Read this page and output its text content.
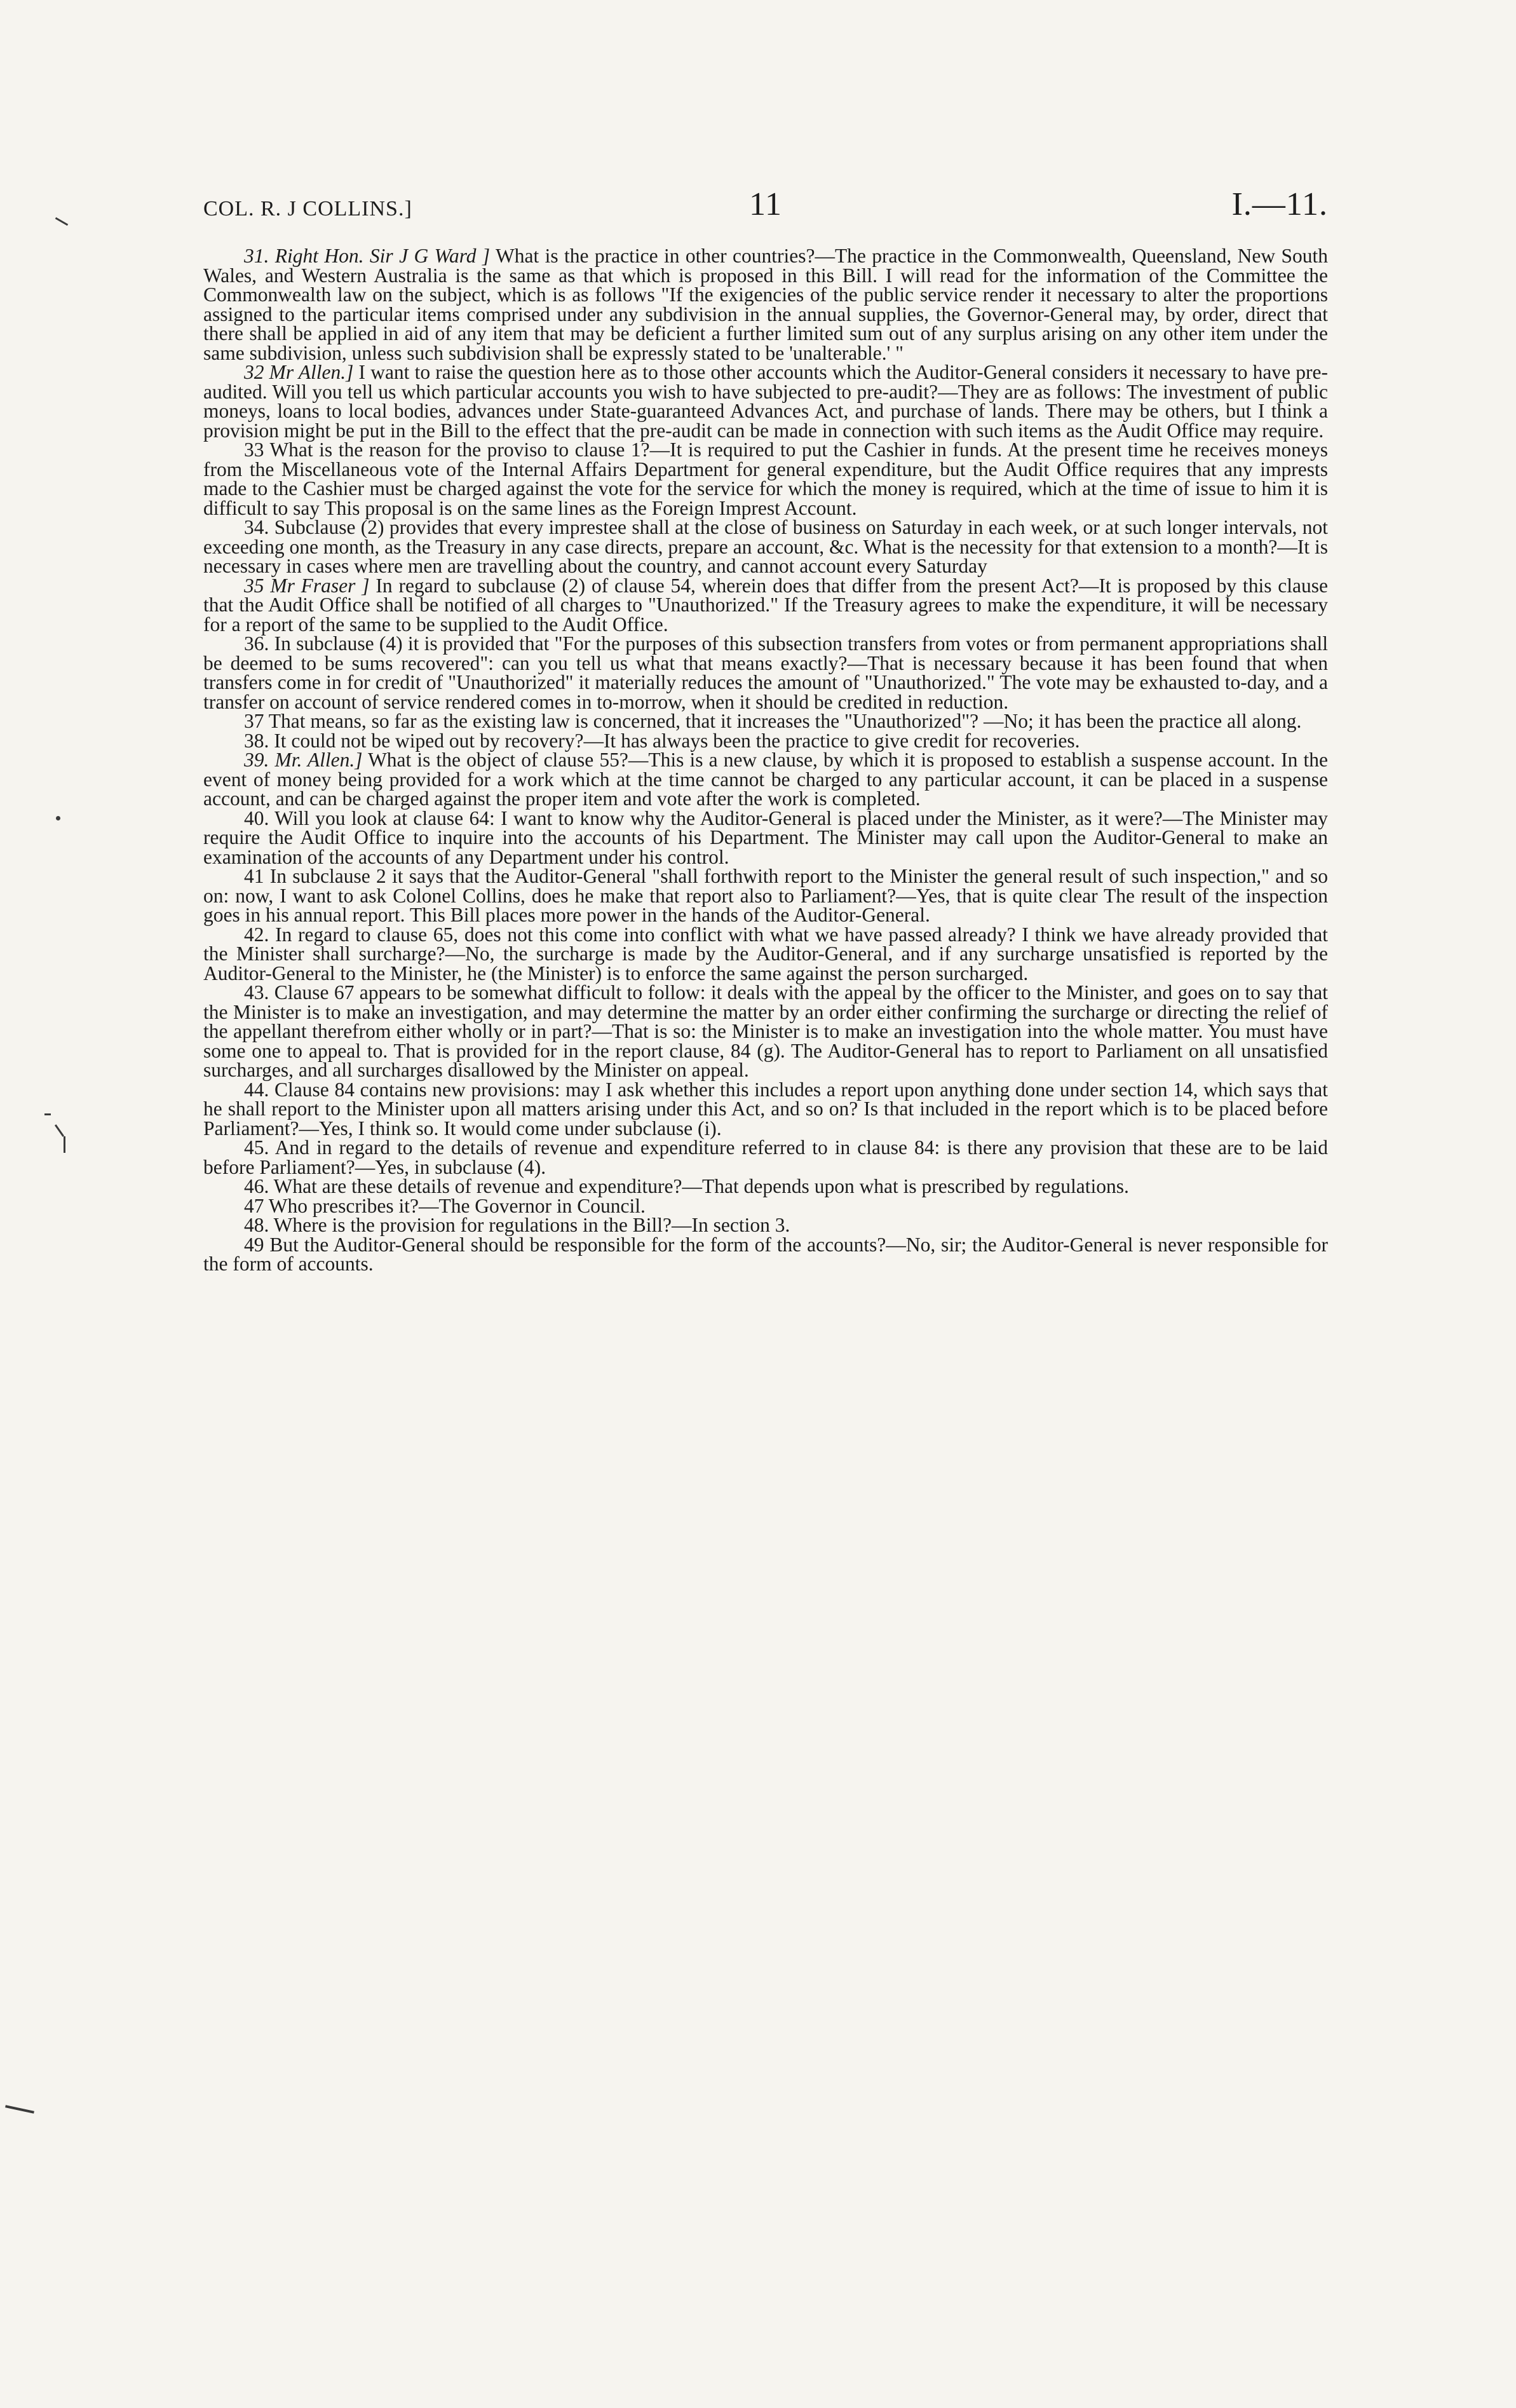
COL. R. J COLLINS.]	11	I.—11.

31. Right Hon. Sir J G Ward ] What is the practice in other countries?—The practice in the Commonwealth, Queensland, New South Wales, and Western Australia is the same as that which is proposed in this Bill. I will read for the information of the Committee the Commonwealth law on the subject, which is as follows "If the exigencies of the public service render it necessary to alter the proportions assigned to the particular items comprised under any subdivision in the annual supplies, the Governor-General may, by order, direct that there shall be applied in aid of any item that may be deficient a further limited sum out of any surplus arising on any other item under the same subdivision, unless such subdivision shall be expressly stated to be 'unalterable.' "

32 Mr Allen.] I want to raise the question here as to those other accounts which the Auditor-General considers it necessary to have pre-audited. Will you tell us which particular accounts you wish to have subjected to pre-audit?—They are as follows: The investment of public moneys, loans to local bodies, advances under State-guaranteed Advances Act, and purchase of lands. There may be others, but I think a provision might be put in the Bill to the effect that the pre-audit can be made in connection with such items as the Audit Office may require.

33 What is the reason for the proviso to clause 1?—It is required to put the Cashier in funds. At the present time he receives moneys from the Miscellaneous vote of the Internal Affairs Department for general expenditure, but the Audit Office requires that any imprests made to the Cashier must be charged against the vote for the service for which the money is required, which at the time of issue to him it is difficult to say This proposal is on the same lines as the Foreign Imprest Account.

34. Subclause (2) provides that every imprestee shall at the close of business on Saturday in each week, or at such longer intervals, not exceeding one month, as the Treasury in any case directs, prepare an account, &c. What is the necessity for that extension to a month?—It is necessary in cases where men are travelling about the country, and cannot account every Saturday

35 Mr Fraser ] In regard to subclause (2) of clause 54, wherein does that differ from the present Act?—It is proposed by this clause that the Audit Office shall be notified of all charges to "Unauthorized." If the Treasury agrees to make the expenditure, it will be necessary for a report of the same to be supplied to the Audit Office.

36. In subclause (4) it is provided that "For the purposes of this subsection transfers from votes or from permanent appropriations shall be deemed to be sums recovered": can you tell us what that means exactly?—That is necessary because it has been found that when transfers come in for credit of "Unauthorized" it materially reduces the amount of "Unauthorized." The vote may be exhausted to-day, and a transfer on account of service rendered comes in to-morrow, when it should be credited in reduction.

37 That means, so far as the existing law is concerned, that it increases the "Unauthorized"? —No; it has been the practice all along.

38. It could not be wiped out by recovery?—It has always been the practice to give credit for recoveries.

39. Mr. Allen.] What is the object of clause 55?—This is a new clause, by which it is proposed to establish a suspense account. In the event of money being provided for a work which at the time cannot be charged to any particular account, it can be placed in a suspense account, and can be charged against the proper item and vote after the work is completed.

40. Will you look at clause 64: I want to know why the Auditor-General is placed under the Minister, as it were?—The Minister may require the Audit Office to inquire into the accounts of his Department. The Minister may call upon the Auditor-General to make an examination of the accounts of any Department under his control.

41 In subclause 2 it says that the Auditor-General "shall forthwith report to the Minister the general result of such inspection," and so on: now, I want to ask Colonel Collins, does he make that report also to Parliament?—Yes, that is quite clear The result of the inspection goes in his annual report. This Bill places more power in the hands of the Auditor-General.

42. In regard to clause 65, does not this come into conflict with what we have passed already? I think we have already provided that the Minister shall surcharge?—No, the surcharge is made by the Auditor-General, and if any surcharge unsatisfied is reported by the Auditor-General to the Minister, he (the Minister) is to enforce the same against the person surcharged.

43. Clause 67 appears to be somewhat difficult to follow: it deals with the appeal by the officer to the Minister, and goes on to say that the Minister is to make an investigation, and may determine the matter by an order either confirming the surcharge or directing the relief of the appellant therefrom either wholly or in part?—That is so: the Minister is to make an investigation into the whole matter. You must have some one to appeal to. That is provided for in the report clause, 84 (g). The Auditor-General has to report to Parliament on all unsatisfied surcharges, and all surcharges disallowed by the Minister on appeal.

44. Clause 84 contains new provisions: may I ask whether this includes a report upon anything done under section 14, which says that he shall report to the Minister upon all matters arising under this Act, and so on? Is that included in the report which is to be placed before Parliament?—Yes, I think so. It would come under subclause (i).

45. And in regard to the details of revenue and expenditure referred to in clause 84: is there any provision that these are to be laid before Parliament?—Yes, in subclause (4).

46. What are these details of revenue and expenditure?—That depends upon what is prescribed by regulations.

47 Who prescribes it?—The Governor in Council.

48. Where is the provision for regulations in the Bill?—In section 3.

49 But the Auditor-General should be responsible for the form of the accounts?—No, sir; the Auditor-General is never responsible for the form of accounts.
